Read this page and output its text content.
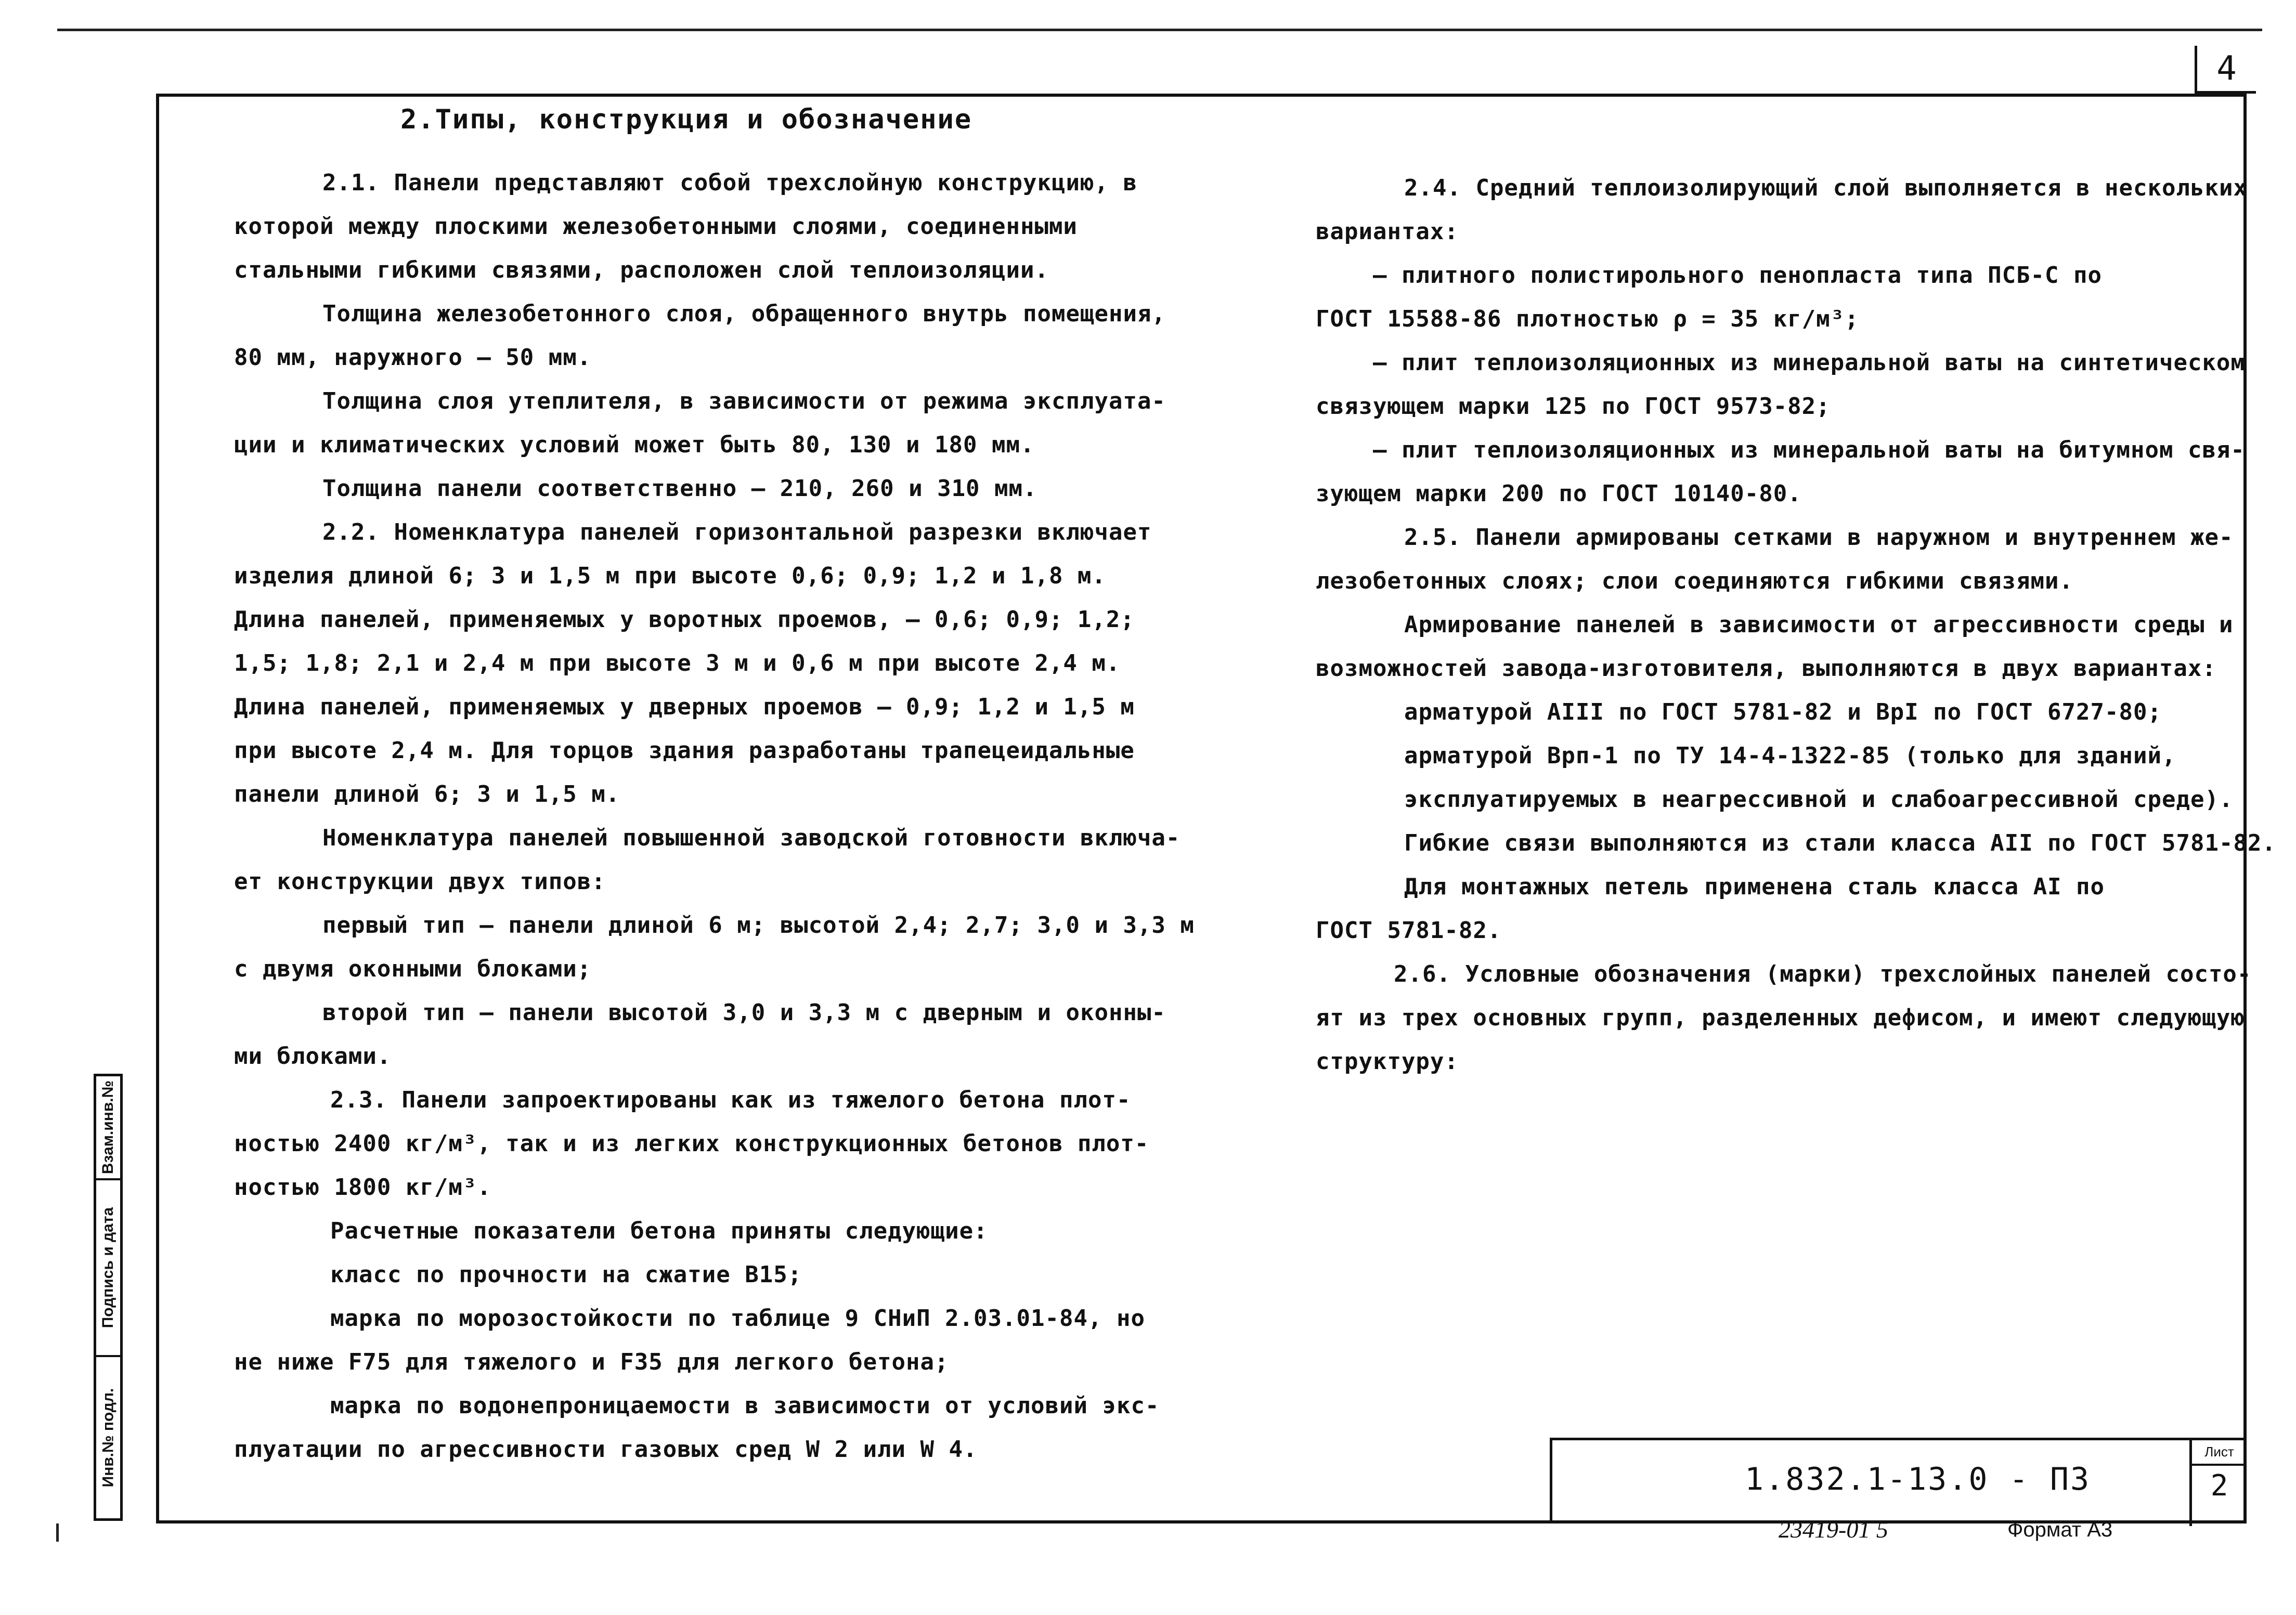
4
2.Типы, конструкция и обозначение
2.1. Панели представляют собой трехслойную конструкцию, в
которой между плоскими железобетонными слоями, соединенными
стальными гибкими связями, расположен слой теплоизоляции.
Толщина железобетонного слоя, обращенного внутрь помещения,
80 мм, наружного – 50 мм.
Толщина слоя утеплителя, в зависимости от режима эксплуата-
ции и климатических условий может быть 80, 130 и 180 мм.
Толщина панели соответственно – 210, 260 и 310 мм.
2.2. Номенклатура панелей горизонтальной разрезки включает
изделия длиной 6; 3 и 1,5 м при высоте 0,6; 0,9; 1,2 и 1,8 м.
Длина панелей, применяемых у воротных проемов, – 0,6; 0,9; 1,2;
1,5; 1,8; 2,1 и 2,4 м при высоте 3 м и 0,6 м при высоте 2,4 м.
Длина панелей, применяемых у дверных проемов – 0,9; 1,2 и 1,5 м
при высоте 2,4 м. Для торцов здания разработаны трапецеидальные
панели длиной 6; 3 и 1,5 м.
Номенклатура панелей повышенной заводской готовности включа-
ет конструкции двух типов:
первый тип – панели длиной 6 м; высотой 2,4; 2,7; 3,0 и 3,3 м
с двумя оконными блоками;
второй тип – панели высотой 3,0 и 3,3 м с дверным и оконны-
ми блоками.
2.3. Панели запроектированы как из тяжелого бетона плот-
ностью 2400 кг/м³, так и из легких конструкционных бетонов плот-
ностью 1800 кг/м³.
Расчетные показатели бетона приняты следующие:
класс по прочности на сжатие В15;
марка по морозостойкости по таблице 9 СНиП 2.03.01-84, но
не ниже F75 для тяжелого и F35 для легкого бетона;
марка по водонепроницаемости в зависимости от условий экс-
плуатации по агрессивности газовых сред W 2 или W 4.
2.4. Средний теплоизолирующий слой выполняется в нескольких
вариантах:
– плитного полистирольного пенопласта типа ПСБ-С по
ГОСТ 15588-86 плотностью ρ = 35 кг/м³;
– плит теплоизоляционных из минеральной ваты на синтетическом
связующем марки 125 по ГОСТ 9573-82;
– плит теплоизоляционных из минеральной ваты на битумном свя-
зующем марки 200 по ГОСТ 10140-80.
2.5. Панели армированы сетками в наружном и внутреннем же-
лезобетонных слоях; слои соединяются гибкими связями.
Армирование панелей в зависимости от агрессивности среды и
возможностей завода-изготовителя, выполняются в двух вариантах:
арматурой АIII по ГОСТ 5781-82 и ВрI по ГОСТ 6727-80;
арматурой Врп-1 по ТУ 14-4-1322-85 (только для зданий,
эксплуатируемых в неагрессивной и слабоагрессивной среде).
Гибкие связи выполняются из стали класса АII по ГОСТ 5781-82.
Для монтажных петель применена сталь класса АI по
ГОСТ 5781-82.
2.6. Условные обозначения (марки) трехслойных панелей состо-
ят из трех основных групп, разделенных дефисом, и имеют следующую
структуру:
Взам.инв.№
Подпись и дата
Инв.№ подл.	1.832.1-13.0 - П3
Лист
2
23419-01 5	Формат А3
